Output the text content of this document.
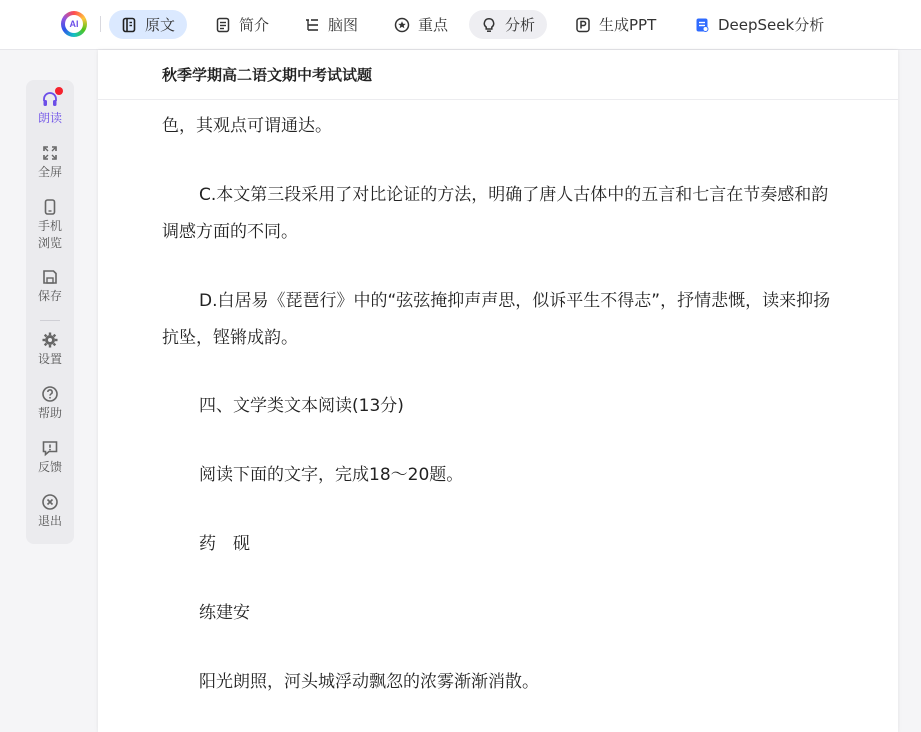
AI	原文	简介	脑图	重点	分析	生成PPT	DeepSeek分析
朗读
全屏
手机
浏览
保存
设置
帮助
反馈
退出
色，其观点可谓通达。
C.本文第三段采用了对比论证的方法，明确了唐人古体中的五言和七言在节奏感和韵调感方面的不同。
D.白居易《琵琶行》中的“弦弦掩抑声声思，似诉平生不得志”，抒情悲慨，读来抑扬抗坠，铿锵成韵。
四、文学类文本阅读(13分)
阅读下面的文字，完成18～20题。
药　砚
练建安
阳光朗照，河头城浮动飘忽的浓雾渐渐消散。
秋季学期高二语文期中考试试题
